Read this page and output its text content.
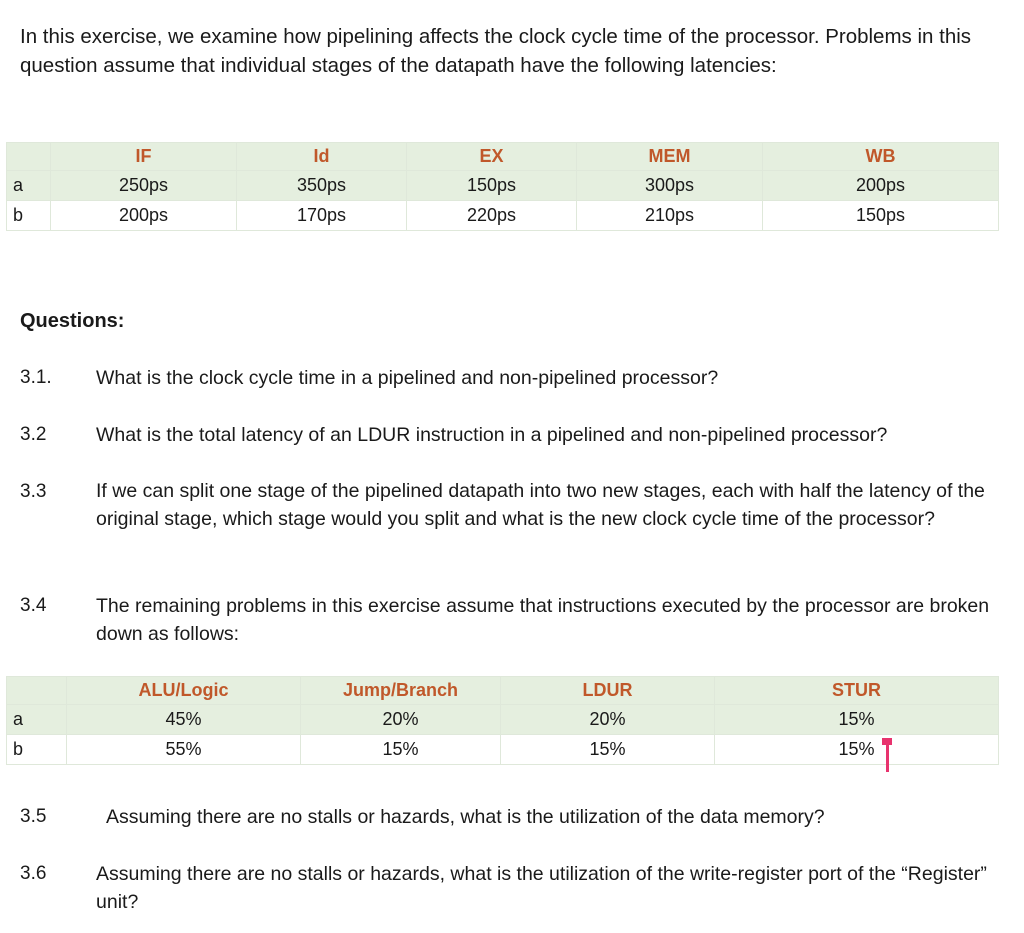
In this exercise, we examine how pipelining affects the clock cycle time of the processor. Problems in this question assume that individual stages of the datapath have the following latencies:

	IF	Id	EX	MEM	WB
a	250ps	350ps	150ps	300ps	200ps
b	200ps	170ps	220ps	210ps	150ps

Questions:

3.1. What is the clock cycle time in a pipelined and non-pipelined processor?

3.2	What is the total latency of an LDUR instruction in a pipelined and non-pipelined processor?

3.3	If we can split one stage of the pipelined datapath into two new stages, each with half the latency of the original stage, which stage would you split and what is the new clock cycle time of the processor?

3.4	The remaining problems in this exercise assume that instructions executed by the processor are broken down as follows:

	ALU/Logic	Jump/Branch	LDUR	STUR
a	45%	20%	20%	15%
b	55%	15%	15%	15%
3.5	Assuming there are no stalls or hazards, what is the utilization of the data memory?

3.6	Assuming there are no stalls or hazards, what is the utilization of the write-register port of the “Register” unit?
